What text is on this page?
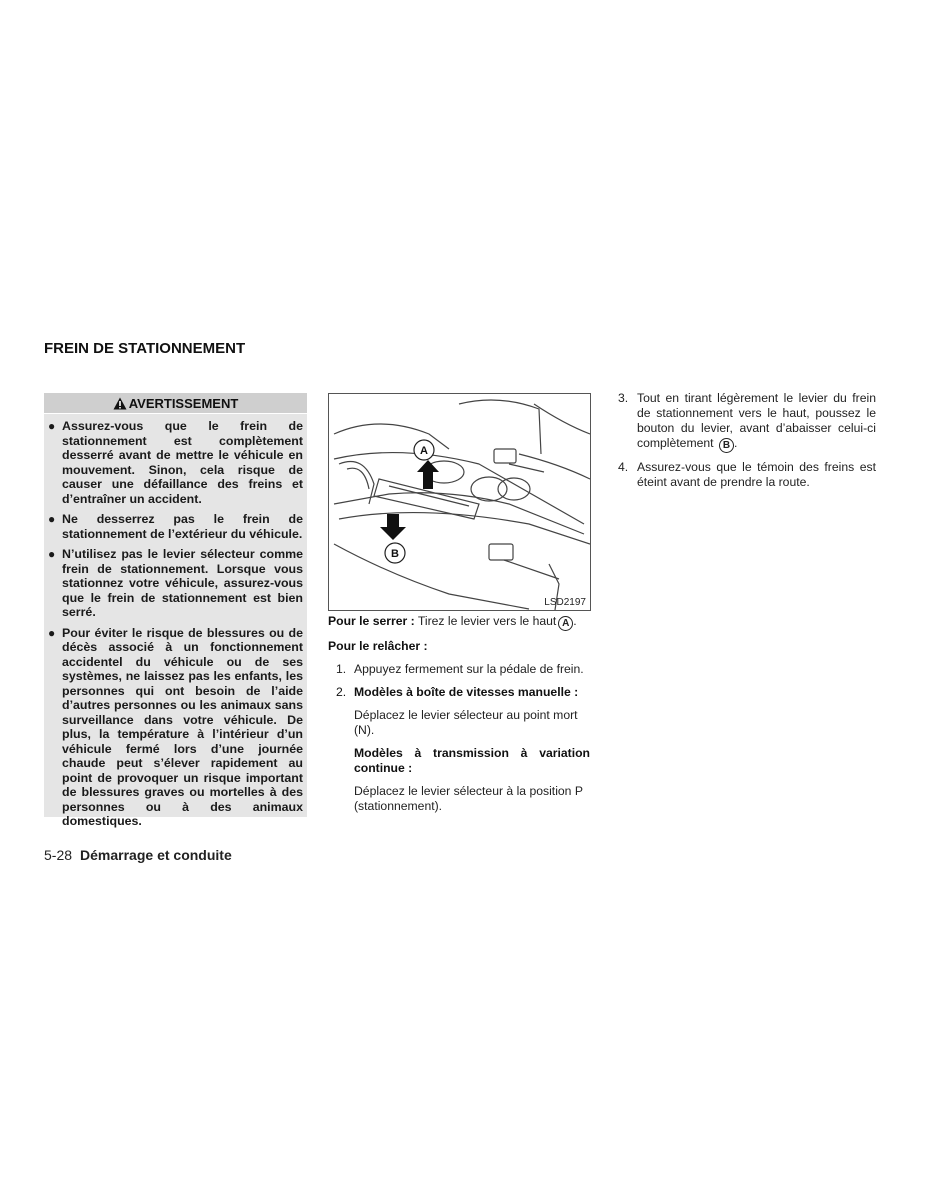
FREIN DE STATIONNEMENT
AVERTISSEMENT
● Assurez-vous que le frein de stationnement est complètement desserré avant de mettre le véhicule en mouvement. Sinon, cela risque de causer une défaillance des freins et d’entraîner un accident.
● Ne desserrez pas le frein de stationnement de l’extérieur du véhicule.
● N’utilisez pas le levier sélecteur comme frein de stationnement. Lorsque vous stationnez votre véhicule, assurez-vous que le frein de stationnement est bien serré.
● Pour éviter le risque de blessures ou de décès associé à un fonctionnement accidentel du véhicule ou de ses systèmes, ne laissez pas les enfants, les personnes qui ont besoin de l’aide d’autres personnes ou les animaux sans surveillance dans votre véhicule. De plus, la température à l’intérieur d’un véhicule fermé lors d’une journée chaude peut s’élever rapidement au point de provoquer un risque important de blessures graves ou mortelles à des personnes ou à des animaux domestiques.
A
B
LSD2197

Pour le serrer : Tirez le levier vers le haut A .

Pour le relâcher :

1. Appuyez fermement sur la pédale de frein.

2. Modèles à boîte de vitesses manuelle :

Déplacez le levier sélecteur au point mort (N).

Modèles à transmission à variation continue :

Déplacez le levier sélecteur à la position P (stationnement).

3. Tout en tirant légèrement le levier du frein de stationnement vers le haut, poussez le bouton du levier, avant d’abaisser celui-ci complètement B .

4. Assurez-vous que le témoin des freins est éteint avant de prendre la route.

5-28 Démarrage et conduite
